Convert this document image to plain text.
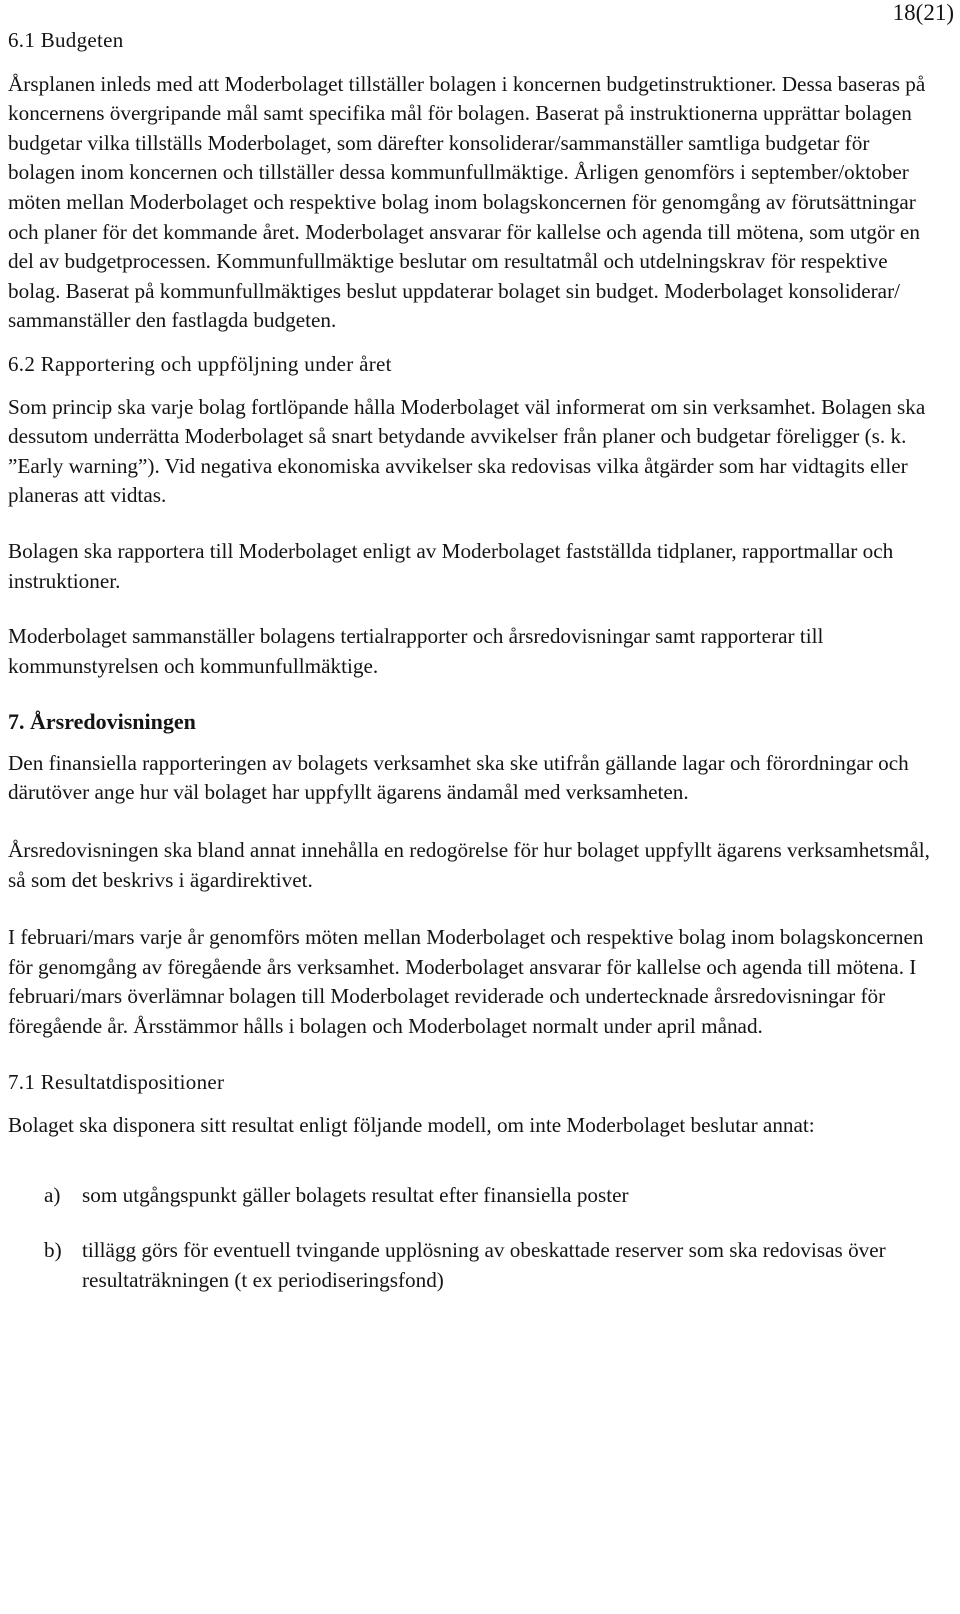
18(21)

6.1 Budgeten

Årsplanen inleds med att Moderbolaget tillställer bolagen i koncernen budgetinstruktioner. Dessa baseras på koncernens övergripande mål samt specifika mål för bolagen. Baserat på instruktionerna upprättar bolagen budgetar vilka tillställs Moderbolaget, som därefter konsoliderar/sammanställer samtliga budgetar för bolagen inom koncernen och tillställer dessa kommunfullmäktige. Årligen genomförs i september/oktober möten mellan Moderbolaget och respektive bolag inom bolagskoncernen för genomgång av förutsättningar och planer för det kommande året. Moderbolaget ansvarar för kallelse och agenda till mötena, som utgör en del av budgetprocessen. Kommunfullmäktige beslutar om resultatmål och utdelningskrav för respektive bolag. Baserat på kommunfullmäktiges beslut uppdaterar bolaget sin budget. Moderbolaget konsoliderar/ sammanställer den fastlagda budgeten.

6.2 Rapportering och uppföljning under året

Som princip ska varje bolag fortlöpande hålla Moderbolaget väl informerat om sin verksamhet. Bolagen ska dessutom underrätta Moderbolaget så snart betydande avvikelser från planer och budgetar föreligger (s. k. ”Early warning”). Vid negativa ekonomiska avvikelser ska redovisas vilka åtgärder som har vidtagits eller planeras att vidtas.

Bolagen ska rapportera till Moderbolaget enligt av Moderbolaget fastställda tidplaner, rapportmallar och instruktioner.

Moderbolaget sammanställer bolagens tertialrapporter och årsredovisningar samt rapporterar till kommunstyrelsen och kommunfullmäktige.

7. Årsredovisningen

Den finansiella rapporteringen av bolagets verksamhet ska ske utifrån gällande lagar och förordningar och därutöver ange hur väl bolaget har uppfyllt ägarens ändamål med verksamheten.

Årsredovisningen ska bland annat innehålla en redogörelse för hur bolaget uppfyllt ägarens verksamhetsmål, så som det beskrivs i ägardirektivet.

I februari/mars varje år genomförs möten mellan Moderbolaget och respektive bolag inom bolagskoncernen för genomgång av föregående års verksamhet. Moderbolaget ansvarar för kallelse och agenda till mötena. I februari/mars överlämnar bolagen till Moderbolaget reviderade och undertecknade årsredovisningar för föregående år. Årsstämmor hålls i bolagen och Moderbolaget normalt under april månad.

7.1 Resultatdispositioner

Bolaget ska disponera sitt resultat enligt följande modell, om inte Moderbolaget beslutar annat:

a)	som utgångspunkt gäller bolagets resultat efter finansiella poster
b) tillägg görs för eventuell tvingande upplösning av obeskattade reserver som ska redovisas över resultaträkningen (t ex periodiseringsfond)
